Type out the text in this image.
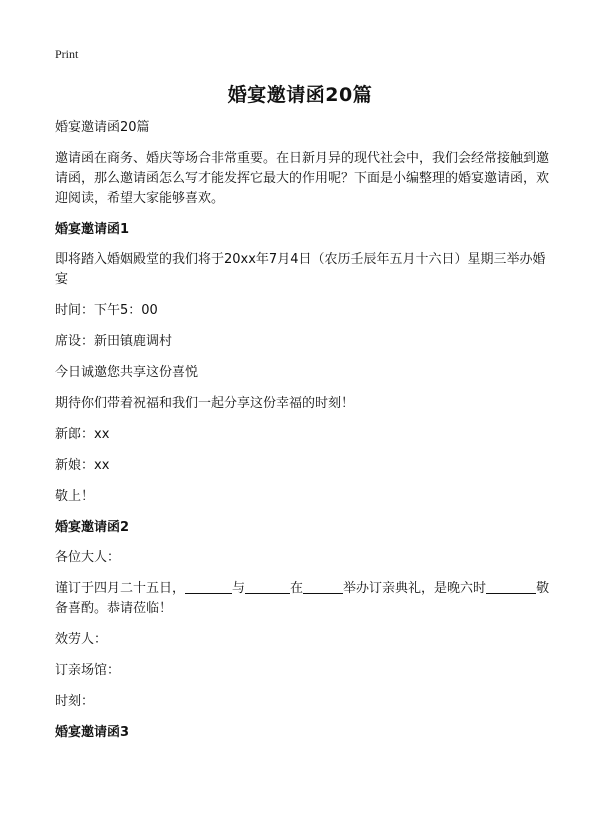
Print
婚宴邀请函20篇

婚宴邀请函20篇

邀请函在商务、婚庆等场合非常重要。在日新月异的现代社会中，我们会经常接触到邀请函，那么邀请函怎么写才能发挥它最大的作用呢？下面是小编整理的婚宴邀请函，欢迎阅读，希望大家能够喜欢。

婚宴邀请函1

即将踏入婚姻殿堂的我们将于20xx年7月4日（农历壬辰年五月十六日）星期三举办婚宴

时间：下午5：00

席设：新田镇鹿调村

今日诚邀您共享这份喜悦

期待你们带着祝福和我们一起分享这份幸福的时刻！

新郎：xx

新娘：xx

敬上！

婚宴邀请函2

各位大人：

谨订于四月二十五日，	与	在	举办订亲典礼，是晚六时	敬备喜酌。恭请莅临！

效劳人：

订亲场馆：

时刻：

婚宴邀请函3
